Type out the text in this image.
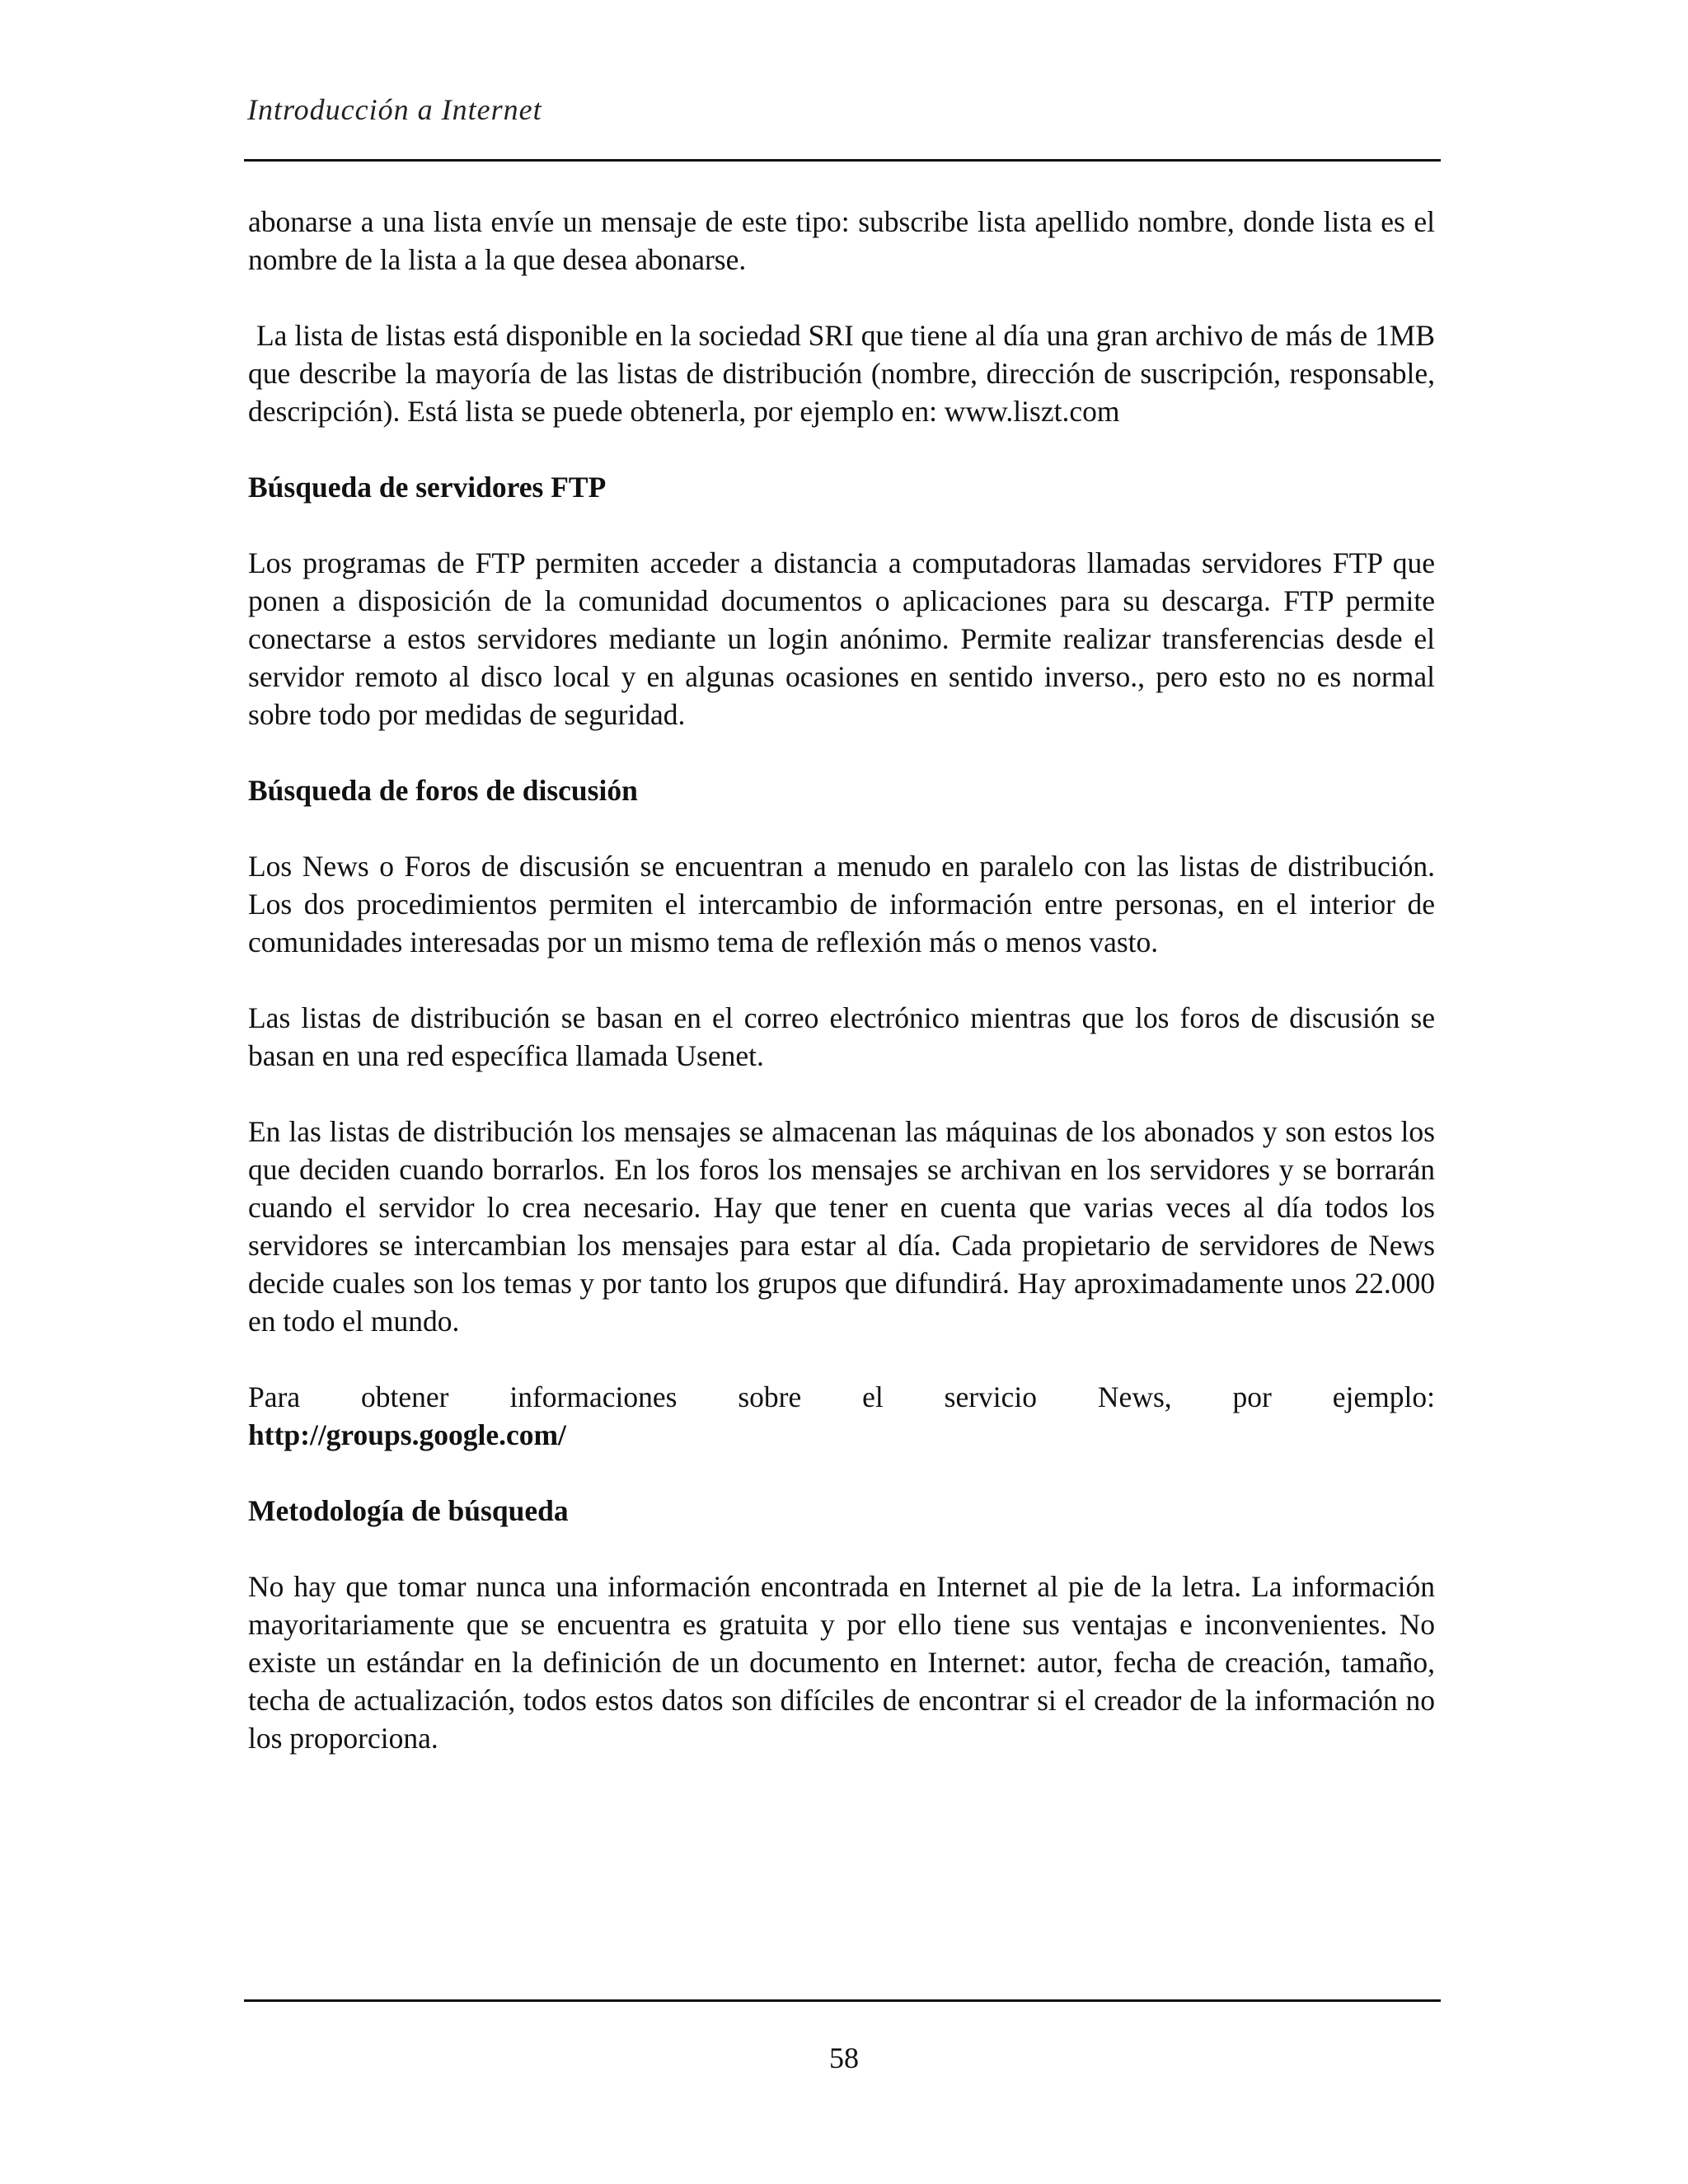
Introducción a Internet

abonarse a una lista envíe un mensaje de este tipo: subscribe lista apellido nombre, donde lista es el nombre de la lista a la que desea abonarse.

La lista de listas está disponible en la sociedad SRI que tiene al día una gran archivo de más de 1MB que describe la mayoría de las listas de distribución (nombre, dirección de suscripción, responsable, descripción). Está lista se puede obtenerla, por ejemplo en: www.liszt.com

Búsqueda de servidores FTP

Los programas de FTP permiten acceder a distancia a computadoras llamadas servidores FTP que ponen a disposición de la comunidad documentos o aplicaciones para su descarga. FTP permite conectarse a estos servidores mediante un login anónimo. Permite realizar transferencias desde el servidor remoto al disco local y en algunas ocasiones en sentido inverso., pero esto no es normal sobre todo por medidas de seguridad.

Búsqueda de foros de discusión

Los News o Foros de discusión se encuentran a menudo en paralelo con las listas de distribución. Los dos procedimientos permiten el intercambio de información entre personas, en el interior de comunidades interesadas por un mismo tema de reflexión más o menos vasto.

Las listas de distribución se basan en el correo electrónico mientras que los foros de discusión se basan en una red específica llamada Usenet.

En las listas de distribución los mensajes se almacenan las máquinas de los abonados y son estos los que deciden cuando borrarlos. En los foros los mensajes se archivan en los servidores y se borrarán cuando el servidor lo crea necesario. Hay que tener en cuenta que varias veces al día todos los servidores se intercambian los mensajes para estar al día. Cada propietario de servidores de News decide cuales son los temas y por tanto los grupos que difundirá. Hay aproximadamente unos 22.000 en todo el mundo.

Para obtener informaciones sobre el servicio News, por ejemplo:
http://groups.google.com/

Metodología de búsqueda

No hay que tomar nunca una información encontrada en Internet al pie de la letra. La información mayoritariamente que se encuentra es gratuita y por ello tiene sus ventajas e inconvenientes. No existe un estándar en la definición de un documento en Internet: autor, fecha de creación, tamaño, techa de actualización, todos estos datos son difíciles de encontrar si el creador de la información no los proporciona.

58
